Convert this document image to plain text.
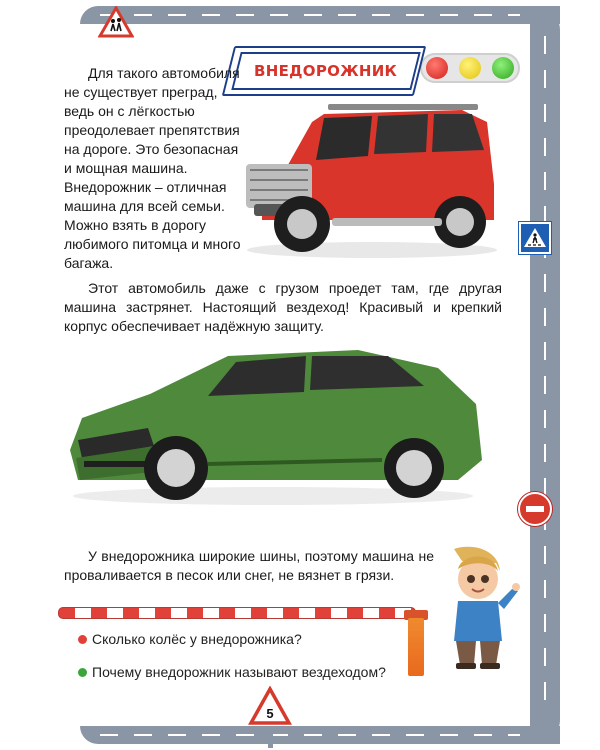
ВНЕДОРОЖНИК

Для такого автомобиля не существует преград, ведь он с лёгкостью преодолевает препятствия на дороге. Это безопасная и мощная машина. Внедорожник – отличная машина для всей семьи. Можно взять в дорогу любимого питомца и много багажа.

Этот автомобиль даже с грузом проедет там, где другая машина застрянет. Настоящий вездеход! Красивый и крепкий корпус обеспечивает надёжную защиту.

У внедорожника широкие шины, поэтому машина не проваливается в песок или снег, не вязнет в грязи.

Сколько колёс у внедорожника?
Почему внедорожник называют вездеходом?
5
